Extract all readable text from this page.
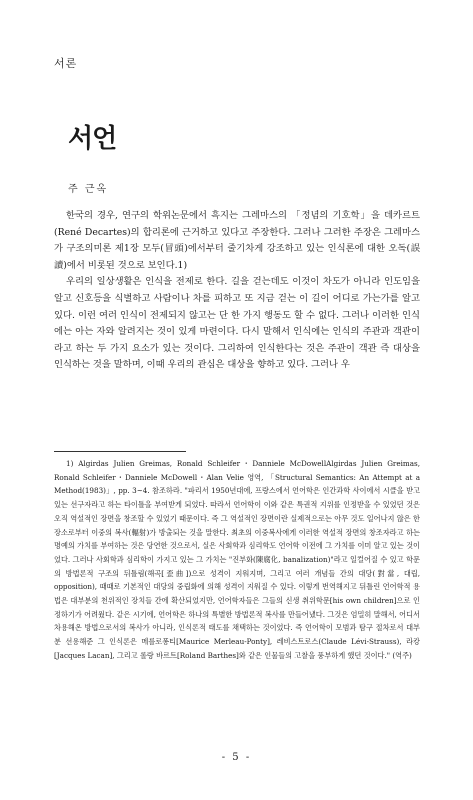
서론
서언
주 근옥

한국의 경우, 연구의 학위논문에서 흑지는 그레마스의 「정념의 기호학」을 데카르트(René Decartes)의 합리론에 근거하고 있다고 주장한다. 그러나 그러한 주장은 그레마스가 구조의미론 제1장 모두(冒頭)에서부터 줄기차게 강조하고 있는 인식론에 대한 오독(誤讀)에서 비롯된 것으로 보인다.1)

우리의 일상생활은 인식을 전제로 한다. 길을 걷는데도 이것이 차도가 아니라 인도임을 알고 신호등을 식별하고 사람이나 차를 피하고 또 지금 걷는 이 길이 어디로 가는가를 알고 있다. 이런 여러 인식이 전제되지 않고는 단 한 가지 행동도 할 수 없다. 그러나 이러한 인식에는 아는 자와 알려지는 것이 있게 마련이다. 다시 말해서 인식에는 인식의 주관과 객관이라고 하는 두 가지 요소가 있는 것이다. 그리하여 인식한다는 것은 주관이 객관 즉 대상을 인식하는 것을 말하며, 이때 우리의 관심은 대상을 향하고 있다. 그러나 우

1) Algirdas Julien Greimas, Ronald Schleifer・Danniele McDowellAlgirdas Julien Greimas, Ronald Schleifer・Danniele McDowell・Alan Velie 영역, 「Structural Semantics: An Attempt at a Method(1983)」, pp. 3~4. 참조하라. "파리서 1950년대에, 프랑스에서 언어학은 인간과학 사이에서 시클을 받고 있는 선구자라고 하는 타이틀을 부여받게 되었다. 따라서 언어학이 이와 같은 특권적 지위를 인정받을 수 있었던 것은 오직 역설적인 장면을 창조할 수 있었기 때문이다. 즉 그 역설적인 장면이란 실제적으로는 아무 것도 일어나지 않은 한 장소로부터 이중의 복사(輻射)가 방출되는 것을 말한다. 최초의 이중복사에게 이러한 역설적 장면의 창조자라고 하는 명예의 가치를 부여하는 것은 당연한 것으로서, 실은 사회학과 심리학도 언어학 이전에 그 가치를 이미 알고 있는 것이었다. 그러나 사회학과 심리학이 가지고 있는 그 가치는 "진부화(陳腐化, banalization)"라고 일컬어질 수 있고 학문의 방법론적 구조의 뒤틀림(해곡[歪曲])으로 성격이 지워지며, 그리고 여러 개념들 간의 대당(對當, 대립, opposition), 때때로 기본적인 대당의 중립화에 의해 성격이 지워질 수 있다. 이렇게 번역해지고 뒤틀린 언어학적 용법은 대부분의 천위적인 장치들 간에 확산되었지만, 언어학자들은 그들의 신생 취위학문[his own children]으로 인정하기가 어려웠다. 같은 시기에, 언어학은 하나의 특별한 방법론적 복사를 만들어냈다. 그것은 엄밀히 말해서, 어디서 차용해온 방법으로서의 복사가 아니라, 인식론적 태도를 채택하는 것이었다. 즉 언어학이 모범과 탐구 절차로서 대부분 선용해준 그 인식론은 메를로퐁티[Maurice Merleau-Ponty], 레비스트로스(Claude Lévi-Strauss), 라캉[Jacques Lacan], 그리고 롤랑 바르트[Roland Barthes]와 같은 인물들의 고찰을 풍부하게 했던 것이다." (역주)

- 5 -
